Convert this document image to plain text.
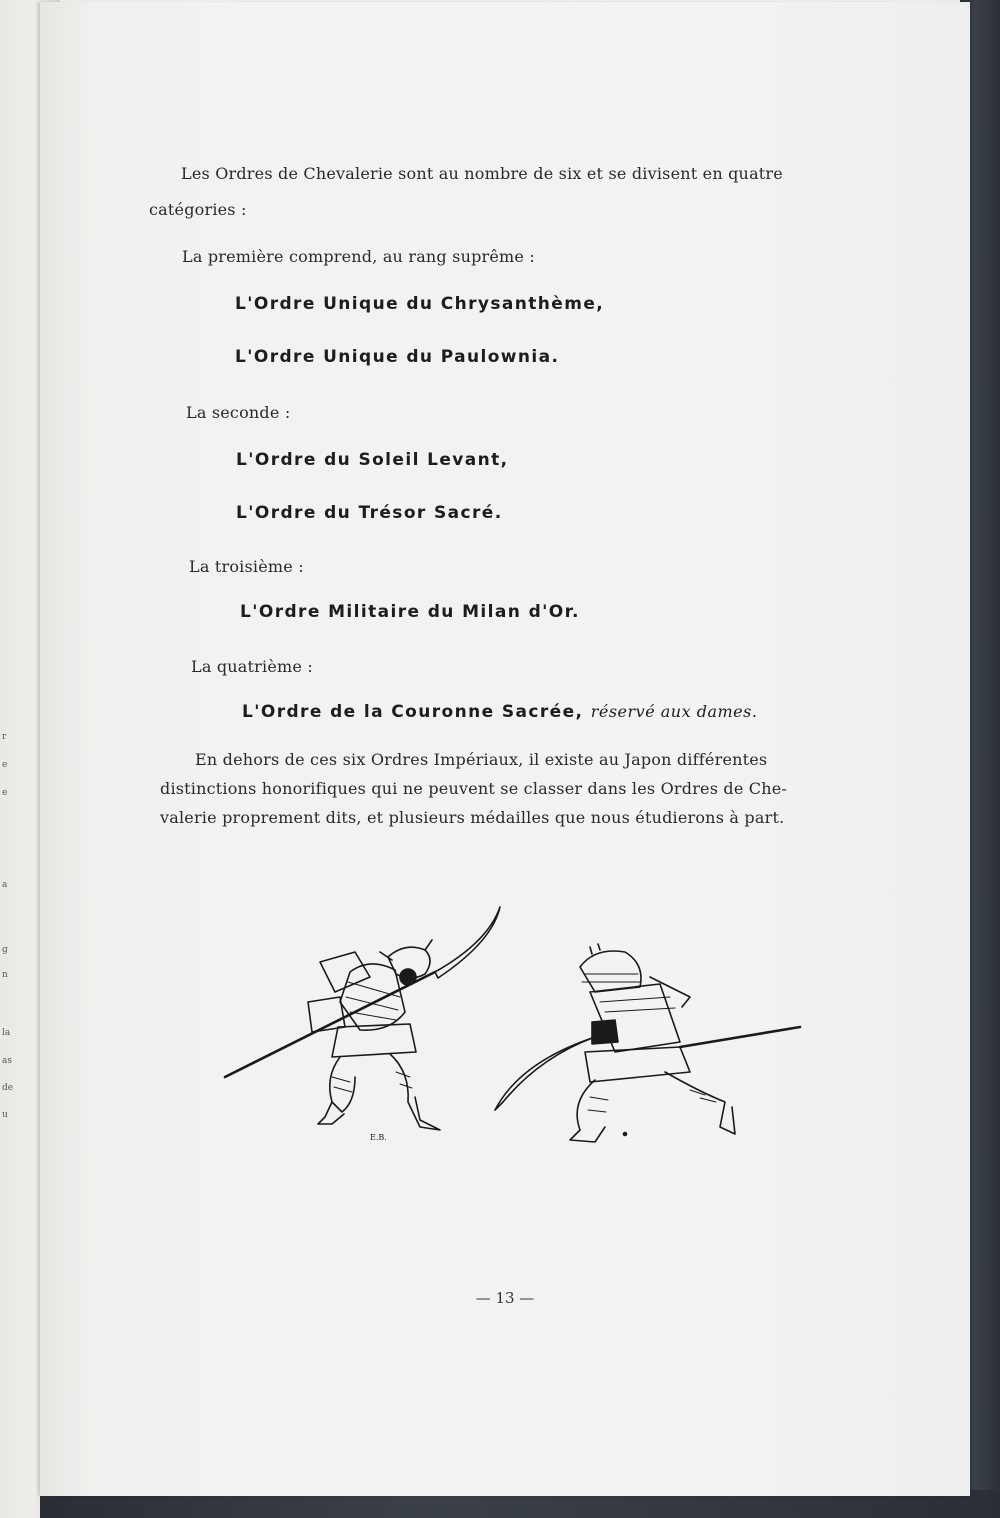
r
e
e
a
g
n
la
as
de
u
Les Ordres de Chevalerie sont au nombre de six et se divisent en quatre
catégories :
La première comprend, au rang suprême :
L'Ordre Unique du Chrysanthème,
L'Ordre Unique du Paulownia.
La seconde :
L'Ordre du Soleil Levant,
L'Ordre du Trésor Sacré.
La troisième :
L'Ordre Militaire du Milan d'Or.
La quatrième :
L'Ordre de la Couronne Sacrée, réservé aux dames.
En dehors de ces six Ordres Impériaux, il existe au Japon différentes
distinctions honorifiques qui ne peuvent se classer dans les Ordres de Che-
valerie proprement dits, et plusieurs médailles que nous étudierons à part.
E.B.
— 13 —
